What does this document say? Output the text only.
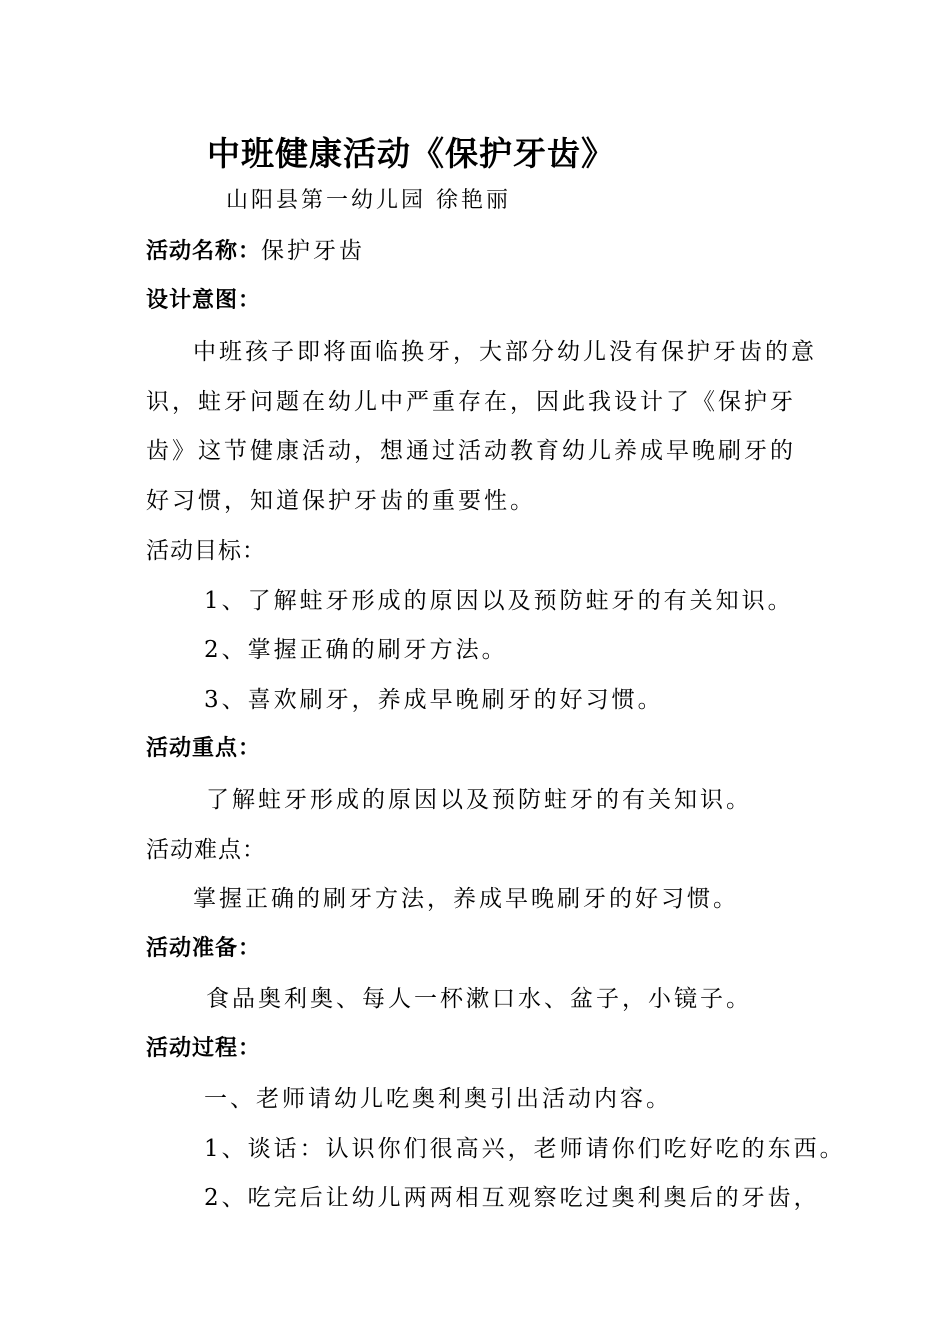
中班健康活动《保护牙齿》
山阳县第一幼儿园 徐艳丽
活动名称：保护牙齿
设计意图：
中班孩子即将面临换牙，大部分幼儿没有保护牙齿的意
识，蛀牙问题在幼儿中严重存在，因此我设计了《保护牙
齿》这节健康活动，想通过活动教育幼儿养成早晚刷牙的
好习惯，知道保护牙齿的重要性。
活动目标：
1、了解蛀牙形成的原因以及预防蛀牙的有关知识。
2、掌握正确的刷牙方法。
3、喜欢刷牙，养成早晚刷牙的好习惯。
活动重点：
了解蛀牙形成的原因以及预防蛀牙的有关知识。
活动难点：
掌握正确的刷牙方法，养成早晚刷牙的好习惯。
活动准备：
食品奥利奥、每人一杯漱口水、盆子，小镜子。
活动过程：
一、老师请幼儿吃奥利奥引出活动内容。
1、谈话：认识你们很高兴，老师请你们吃好吃的东西。
2、吃完后让幼儿两两相互观察吃过奥利奥后的牙齿，
